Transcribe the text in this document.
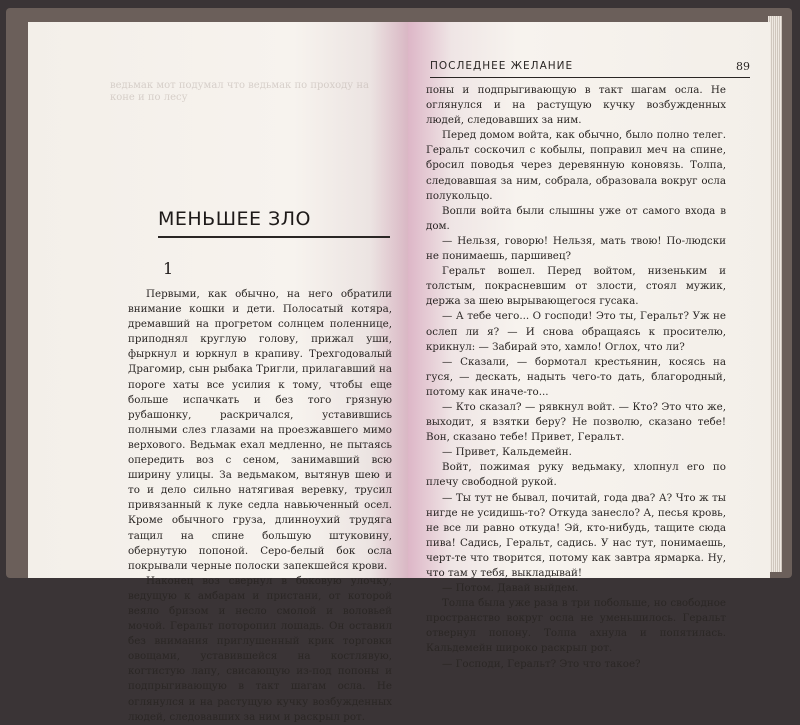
ведьмак мот подумал что ведьмак по проходу на коне и по лесу
МЕНЬШЕЕ ЗЛО
1

Первыми, как обычно, на него обратили внимание кошки и дети. Полосатый котяра, дремавший на прогретом солнцем поленнице, приподнял круглую голову, прижал уши, фыркнул и юркнул в крапиву. Трехгодовалый Драгомир, сын рыбака Тригли, прилагавший на пороге хаты все усилия к тому, чтобы еще больше испачкать и без того грязную рубашонку, раскричался, уставившись полными слез глазами на проезжавшего мимо верхового. Ведьмак ехал медленно, не пытаясь опередить воз с сеном, занимавший всю ширину улицы. За ведьмаком, вытянув шею и то и дело сильно натягивая веревку, трусил привязанный к луке седла навьюченный осел. Кроме обычного груза, длинноухий трудяга тащил на спине большую штуковину, обернутую попоной. Серо-белый бок осла покрывали черные полоски запекшейся крови.

Наконец воз свернул в боковую улочку, ведущую к амбарам и пристани, от которой веяло бризом и несло смолой и воловьей мочой. Геральт поторопил лошадь. Он оставил без внимания приглушенный крик торговки овощами, уставившейся на костлявую, когтистую лапу, свисающую из-под попоны и подпрыгивающую в такт шагам осла. Не оглянулся и на растущую кучку возбужденных людей, следовавших за ним и раскрыл рот.

ПОСЛЕДНЕЕ ЖЕЛАНИЕ	89

поны и подпрыгивающую в такт шагам осла. Не оглянулся и на растущую кучку возбужденных людей, следовавших за ним.

Перед домом войта, как обычно, было полно телег. Геральт соскочил с кобылы, поправил меч на спине, бросил поводья через деревянную коновязь. Толпа, следовавшая за ним, собрала, образовала вокруг осла полукольцо.

Вопли войта были слышны уже от самого входа в дом.

— Нельзя, говорю! Нельзя, мать твою! По-людски не понимаешь, паршивец?

Геральт вошел. Перед войтом, низеньким и толстым, покрасневшим от злости, стоял мужик, держа за шею вырывающегося гусака.

— А тебе чего... О господи! Это ты, Геральт? Уж не ослеп ли я? — И снова обращаясь к просителю, крикнул: — Забирай это, хамло! Оглох, что ли?

— Сказали, — бормотал крестьянин, косясь на гуся, — дескать, надыть чего-то дать, благородный, потому как иначе-то...

— Кто сказал? — рявкнул войт. — Кто? Это что же, выходит, я взятки беру? Не позволю, сказано тебе! Вон, сказано тебе! Привет, Геральт.

— Привет, Кальдемейн.

Войт, пожимая руку ведьмаку, хлопнул его по плечу свободной рукой.

— Ты тут не бывал, почитай, года два? А? Что ж ты нигде не усидишь-то? Откуда занесло? А, песья кровь, не все ли равно откуда! Эй, кто-нибудь, тащите сюда пива! Садись, Геральт, садись. У нас тут, понимаешь, черт-те что творится, потому как завтра ярмарка. Ну, что там у тебя, выкладывай!

— Потом. Давай выйдем.

Толпа была уже раза в три побольше, но свободное пространство вокруг осла не уменьшилось. Геральт отвернул попону. Толпа ахнула и попятилась. Кальдемейн широко раскрыл рот.

— Господи, Геральт? Это что такое?
